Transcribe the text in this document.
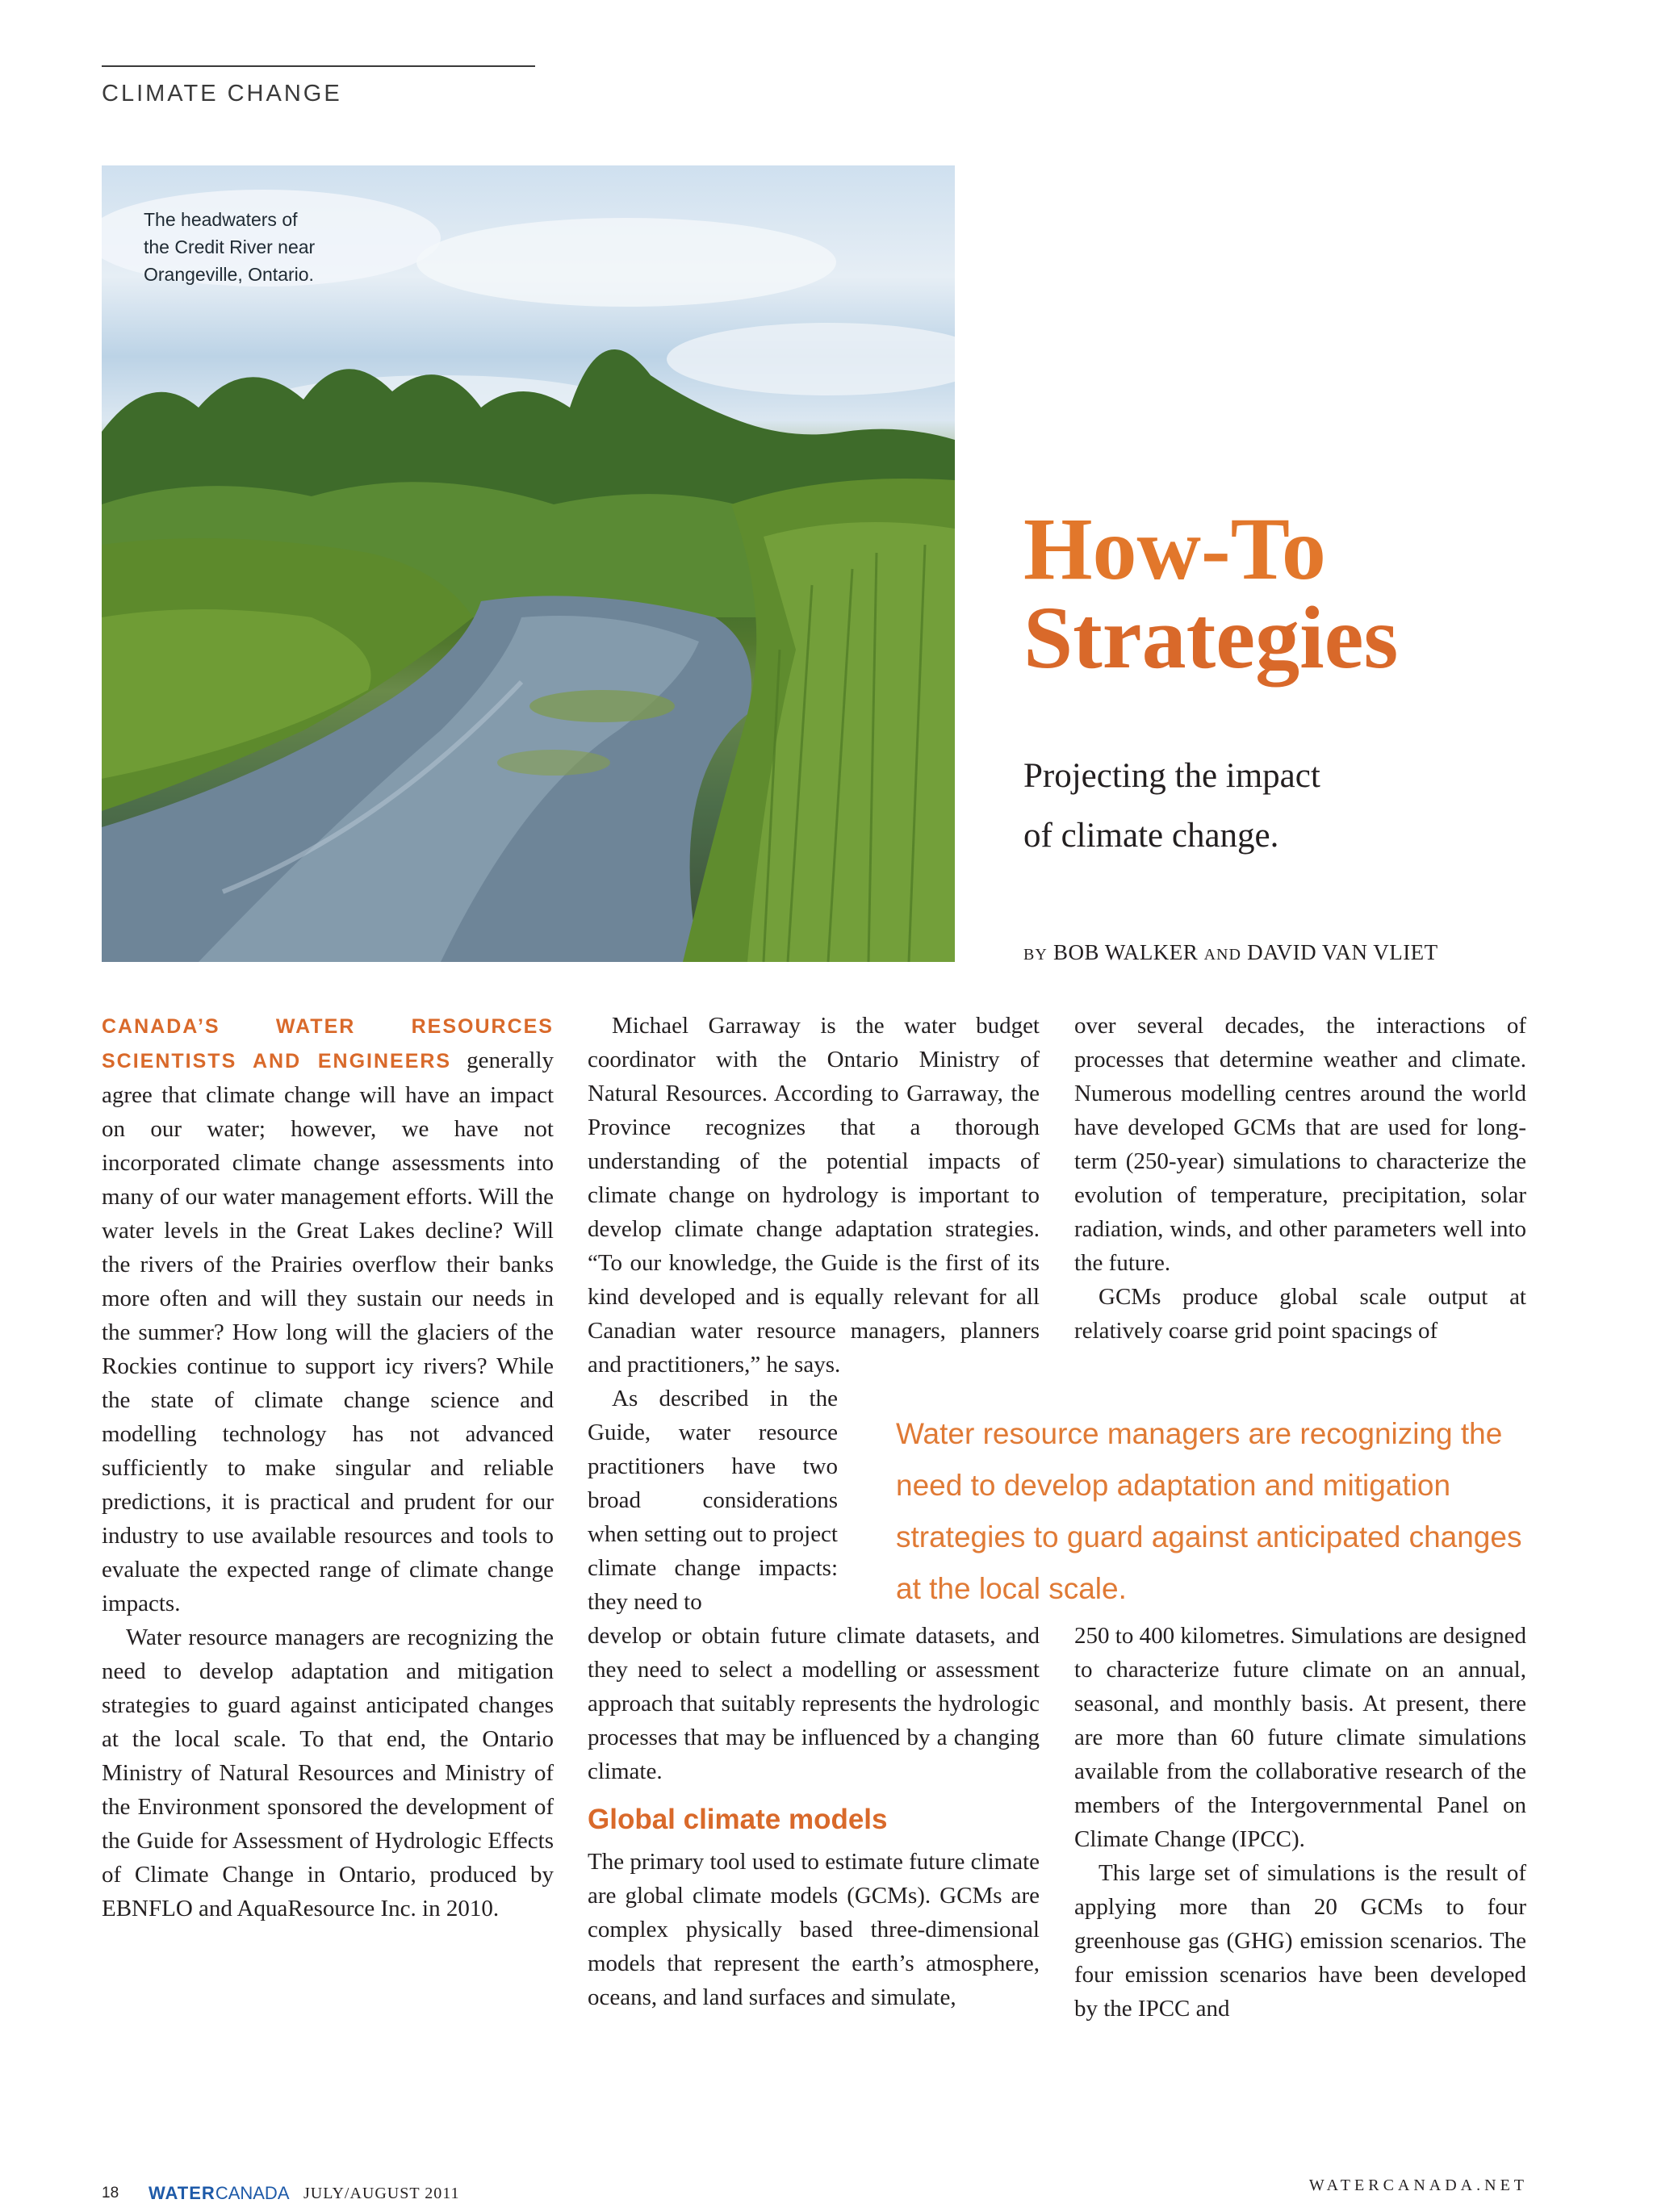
CLIMATE CHANGE
The headwaters of
the Credit River near
Orangeville, Ontario.
How-To
Strategies
Projecting the impact
of climate change.
BY BOB WALKER AND DAVID VAN VLIET

CANADA’S WATER RESOURCES SCIENTISTS AND ENGINEERS generally agree that climate change will have an impact on our water; however, we have not incorporated climate change assessments into many of our water management efforts. Will the water levels in the Great Lakes decline? Will the rivers of the Prairies overflow their banks more often and will they sustain our needs in the summer? How long will the glaciers of the Rockies continue to support icy rivers? While the state of climate change science and modelling technology has not advanced sufficiently to make singular and reliable predictions, it is practical and prudent for our industry to use available resources and tools to evaluate the expected range of climate change impacts.

Water resource managers are recognizing the need to develop adaptation and mitigation strategies to guard against anticipated changes at the local scale. To that end, the Ontario Ministry of Natural Resources and Ministry of the Environment sponsored the development of the Guide for Assessment of Hydrologic Effects of Climate Change in Ontario, produced by EBNFLO and AquaResource Inc. in 2010.

Michael Garraway is the water budget coordinator with the Ontario Ministry of Natural Resources. According to Garraway, the Province recognizes that a thorough understanding of the potential impacts of climate change on hydrology is important to develop climate change adaptation strategies. “To our knowledge, the Guide is the first of its kind developed and is equally relevant for all Canadian water resource managers, planners and practitioners,” he says.

As described in the Guide, water resource practitioners have two broad considerations when setting out to project climate change impacts: they need to

develop or obtain future climate datasets, and they need to select a modelling or assessment approach that suitably represents the hydrologic processes that may be influenced by a changing climate.

Global climate models

The primary tool used to estimate future climate are global climate models (GCMs). GCMs are complex physically based three-dimensional models that represent the earth’s atmosphere, oceans, and land surfaces and simulate,

over several decades, the interactions of processes that determine weather and climate. Numerous modelling centres around the world have developed GCMs that are used for long-term (250-year) simulations to characterize the evolution of temperature, precipitation, solar radiation, winds, and other parameters well into the future.

GCMs produce global scale output at relatively coarse grid point spacings of

250 to 400 kilometres. Simulations are designed to characterize future climate on an annual, seasonal, and monthly basis. At present, there are more than 60 future climate simulations available from the collaborative research of the members of the Intergovernmental Panel on Climate Change (IPCC).

This large set of simulations is the result of applying more than 20 GCMs to four greenhouse gas (GHG) emission scenarios. The four emission scenarios have been developed by the IPCC and

Water resource managers are recognizing the need to develop adaptation and mitigation strategies to guard against anticipated changes at the local scale.
18 WATERCANADA JULY/AUGUST 2011	WATERCANADA.NET
